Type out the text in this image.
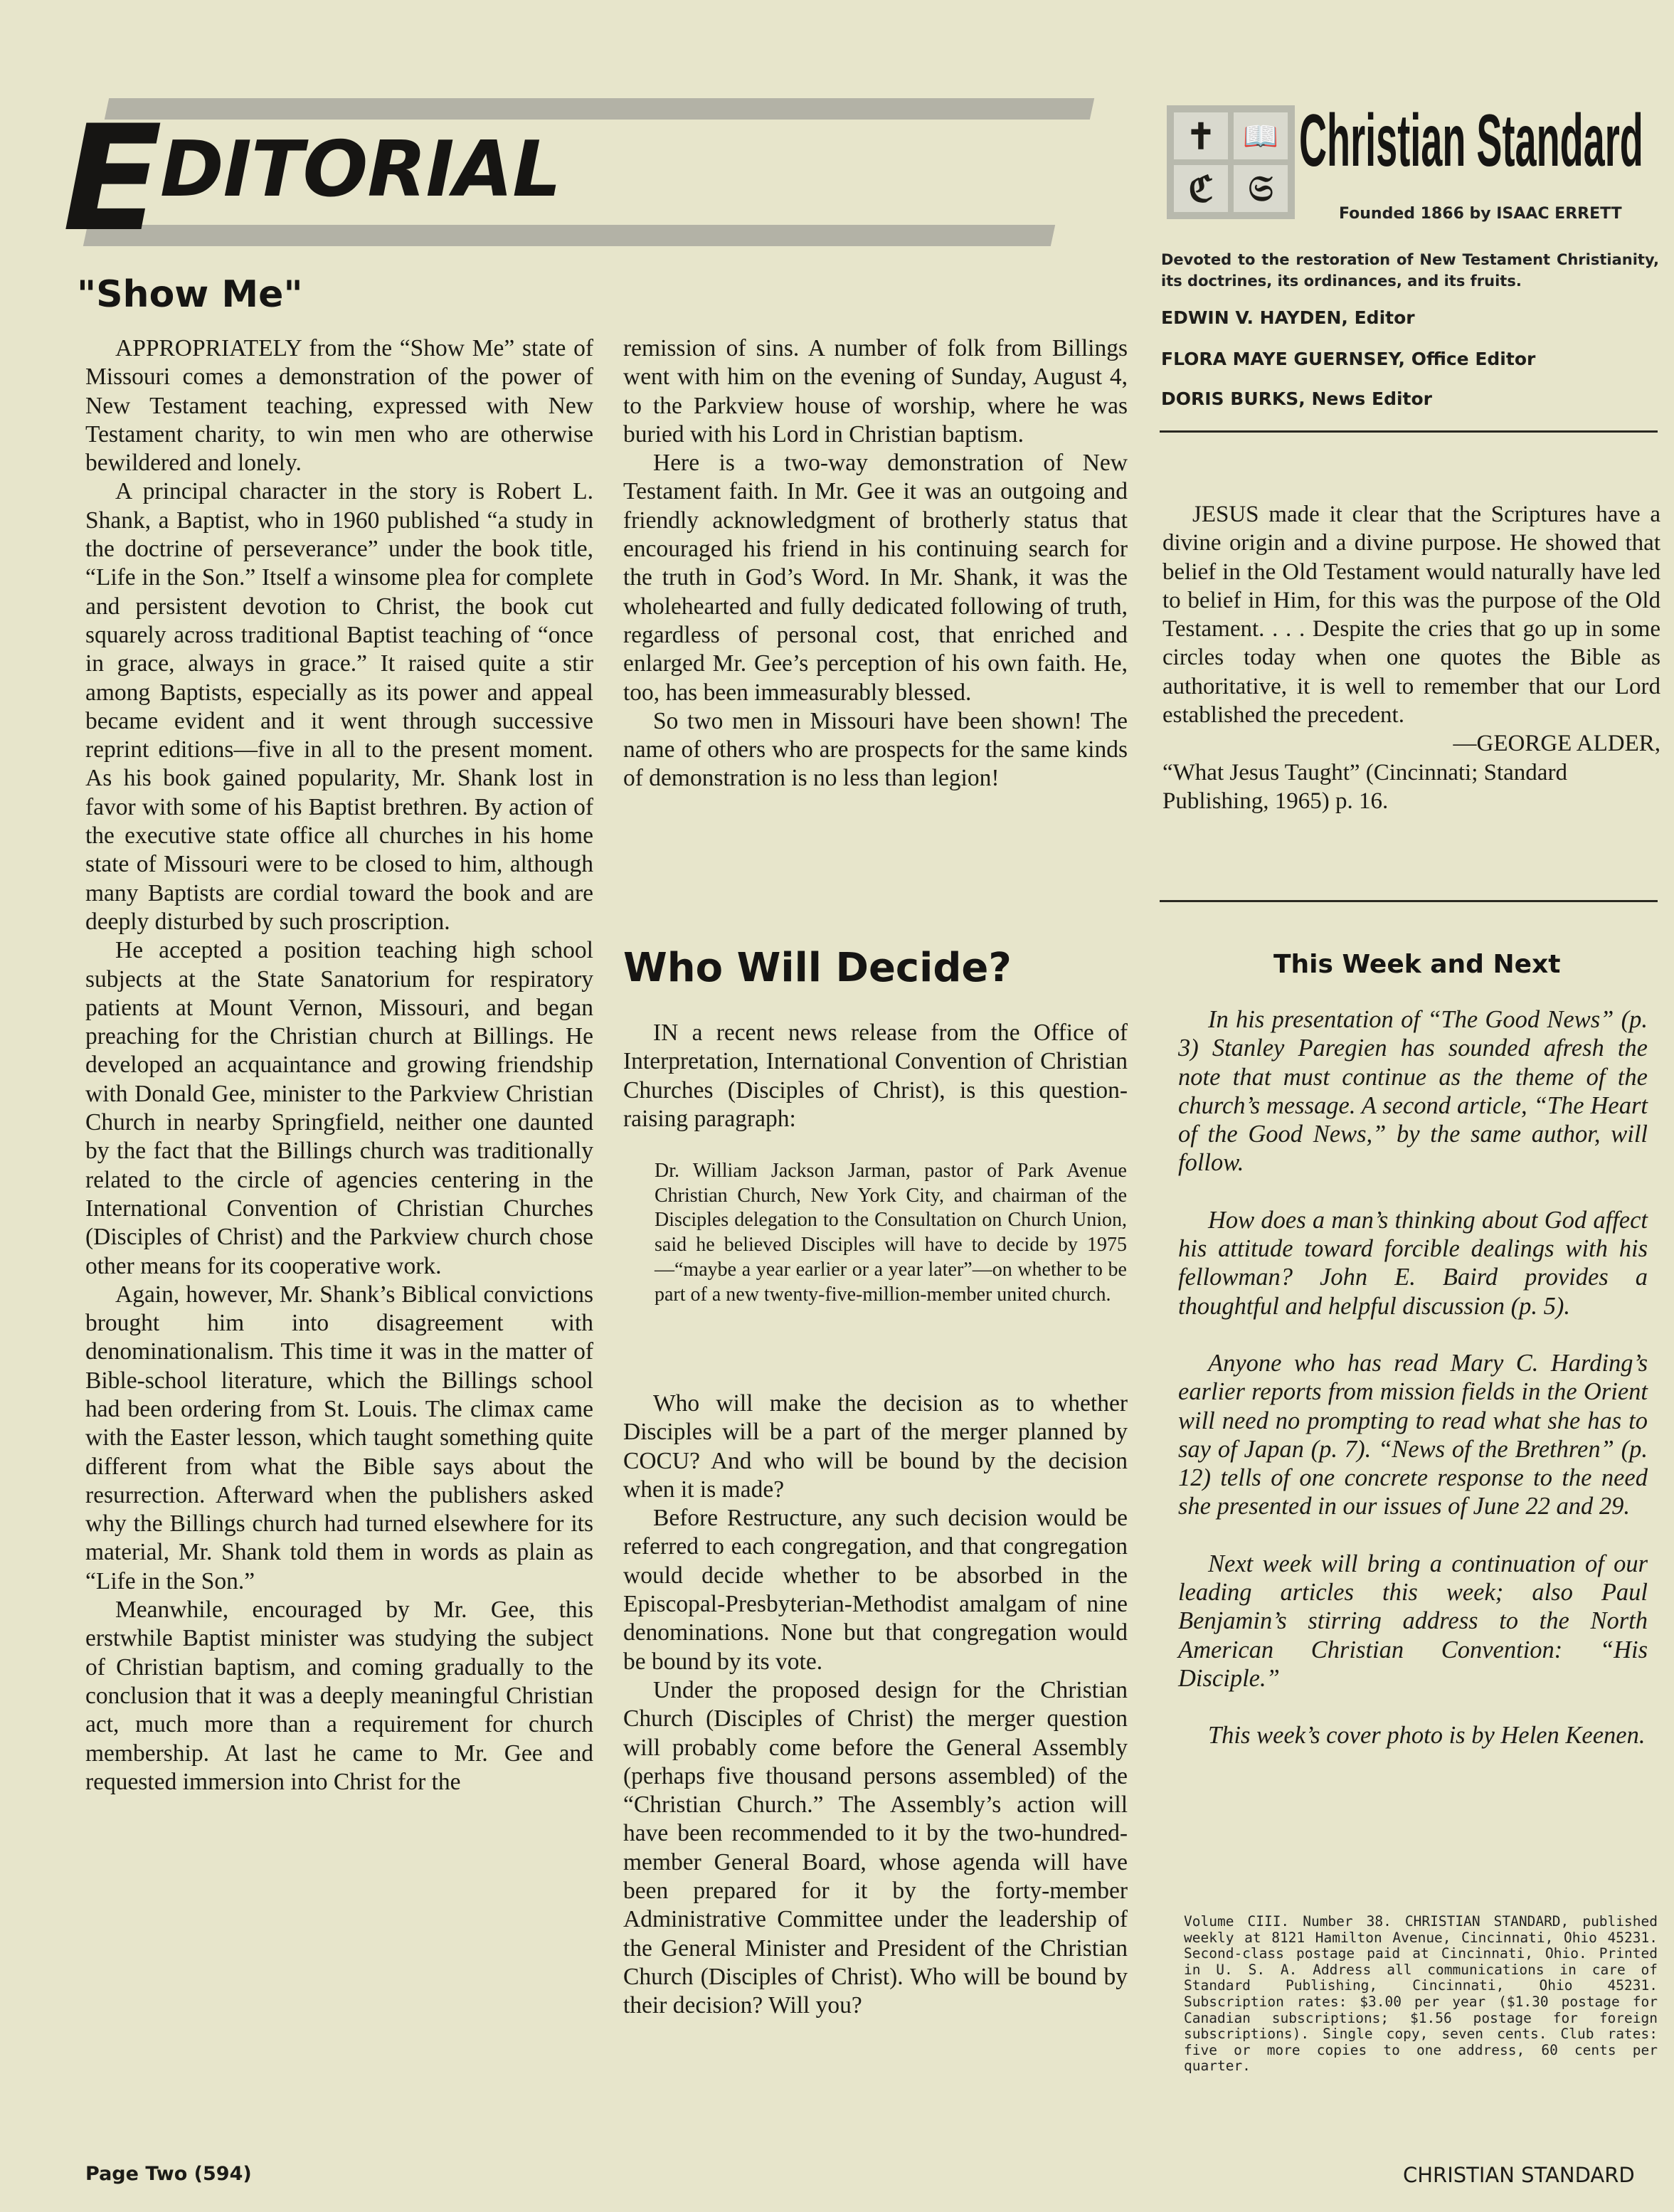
E
DITORIAL	✝ 📖
ℭ 𝔖
Christian Standard
Founded 1866 by ISAAC ERRETT
Devoted to the restoration of New Testament Christianity, its doctrines, its ordinances, and its fruits.
EDWIN V. HAYDEN, Editor
FLORA MAYE GUERNSEY, Office Editor
DORIS BURKS, News Editor
"Show Me"

APPROPRIATELY from the “Show Me” state of Missouri comes a demonstration of the power of New Testament teaching, expressed with New Testament charity, to win men who are otherwise bewildered and lonely.

A principal character in the story is Robert L. Shank, a Baptist, who in 1960 published “a study in the doctrine of perseverance” under the book title, “Life in the Son.” Itself a winsome plea for complete and persistent devotion to Christ, the book cut squarely across traditional Baptist teaching of “once in grace, always in grace.” It raised quite a stir among Baptists, especially as its power and appeal became evident and it went through successive reprint editions—five in all to the present moment. As his book gained popularity, Mr. Shank lost in favor with some of his Baptist brethren. By action of the executive state office all churches in his home state of Missouri were to be closed to him, although many Baptists are cordial toward the book and are deeply disturbed by such proscription.

He accepted a position teaching high school subjects at the State Sanatorium for respiratory patients at Mount Vernon, Missouri, and began preaching for the Christian church at Billings. He developed an acquaintance and growing friendship with Donald Gee, minister to the Parkview Christian Church in nearby Springfield, neither one daunted by the fact that the Billings church was traditionally related to the circle of agencies centering in the International Convention of Christian Churches (Disciples of Christ) and the Parkview church chose other means for its cooperative work.

Again, however, Mr. Shank’s Biblical convictions brought him into disagreement with denominationalism. This time it was in the matter of Bible-school literature, which the Billings school had been ordering from St. Louis. The climax came with the Easter lesson, which taught something quite different from what the Bible says about the resurrection. Afterward when the publishers asked why the Billings church had turned elsewhere for its material, Mr. Shank told them in words as plain as “Life in the Son.”

Meanwhile, encouraged by Mr. Gee, this erstwhile Baptist minister was studying the subject of Christian baptism, and coming gradually to the conclusion that it was a deeply meaningful Christian act, much more than a requirement for church membership. At last he came to Mr. Gee and requested immersion into Christ for the

remission of sins. A number of folk from Billings went with him on the evening of Sunday, August 4, to the Parkview house of worship, where he was buried with his Lord in Christian baptism.

Here is a two-way demonstration of New Testament faith. In Mr. Gee it was an outgoing and friendly acknowledgment of brotherly status that encouraged his friend in his continuing search for the truth in God’s Word. In Mr. Shank, it was the wholehearted and fully dedicated following of truth, regardless of personal cost, that enriched and enlarged Mr. Gee’s perception of his own faith. He, too, has been immeasurably blessed.

So two men in Missouri have been shown! The name of others who are prospects for the same kinds of demonstration is no less than legion!

Who Will Decide?

IN a recent news release from the Office of Interpretation, International Convention of Christian Churches (Disciples of Christ), is this question-raising paragraph:

Dr. William Jackson Jarman, pastor of Park Avenue Christian Church, New York City, and chairman of the Disciples delegation to the Consultation on Church Union, said he believed Disciples will have to decide by 1975—“maybe a year earlier or a year later”—on whether to be part of a new twenty-five-million-member united church.

Who will make the decision as to whether Disciples will be a part of the merger planned by COCU? And who will be bound by the decision when it is made?

Before Restructure, any such decision would be referred to each congregation, and that congregation would decide whether to be absorbed in the Episcopal-Presbyterian-Methodist amalgam of nine denominations. None but that congregation would be bound by its vote.

Under the proposed design for the Christian Church (Disciples of Christ) the merger question will probably come before the General Assembly (perhaps five thousand persons assembled) of the “Christian Church.” The Assembly’s action will have been recommended to it by the two-hundred-member General Board, whose agenda will have been prepared for it by the forty-member Administrative Committee under the leadership of the General Minister and President of the Christian Church (Disciples of Christ). Who will be bound by their decision? Will you?

JESUS made it clear that the Scriptures have a divine origin and a divine purpose. He showed that belief in the Old Testament would naturally have led to belief in Him, for this was the purpose of the Old Testament. . . . Despite the cries that go up in some circles today when one quotes the Bible as authoritative, it is well to remember that our Lord established the precedent.

—GEORGE ALDER,

“What Jesus Taught” (Cincinnati; Standard Publishing, 1965) p. 16.

This Week and Next

In his presentation of “The Good News” (p. 3) Stanley Paregien has sounded afresh the note that must continue as the theme of the church’s message. A second article, “The Heart of the Good News,” by the same author, will follow.

How does a man’s thinking about God affect his attitude toward forcible dealings with his fellowman? John E. Baird provides a thoughtful and helpful discussion (p. 5).

Anyone who has read Mary C. Harding’s earlier reports from mission fields in the Orient will need no prompting to read what she has to say of Japan (p. 7). “News of the Brethren” (p. 12) tells of one concrete response to the need she presented in our issues of June 22 and 29.

Next week will bring a continuation of our leading articles this week; also Paul Benjamin’s stirring address to the North American Christian Convention: “His Disciple.”

This week’s cover photo is by Helen Keenen.

Volume CIII. Number 38. CHRISTIAN STANDARD, published weekly at 8121 Hamilton Avenue, Cincinnati, Ohio 45231. Second-class postage paid at Cincinnati, Ohio. Printed in U. S. A. Address all communications in care of Standard Publishing, Cincinnati, Ohio 45231. Subscription rates: $3.00 per year ($1.30 postage for Canadian subscriptions; $1.56 postage for foreign subscriptions). Single copy, seven cents. Club rates: five or more copies to one address, 60 cents per quarter.
Page Two (594)	CHRISTIAN STANDARD
